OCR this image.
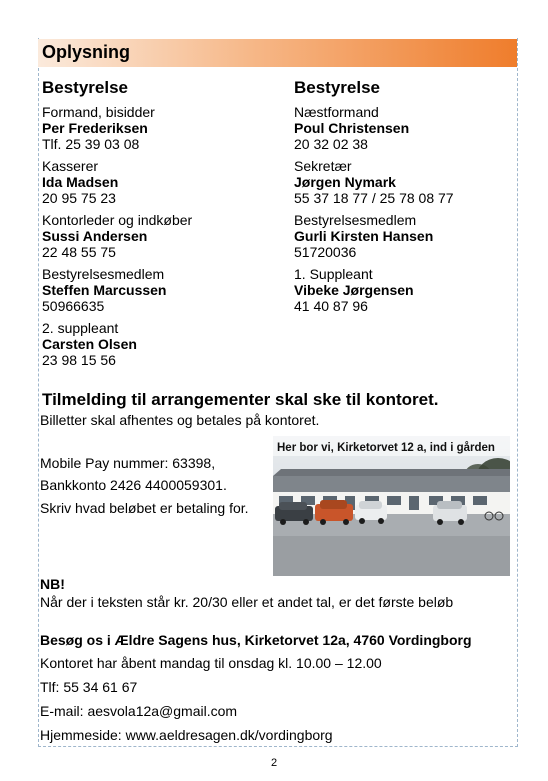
Oplysning
Bestyrelse
Formand, bisidder
Per Frederiksen
Tlf. 25 39 03 08
Kasserer
Ida Madsen
20 95 75 23
Kontorleder og indkøber
Sussi Andersen
22 48 55 75
Bestyrelsesmedlem
Steffen Marcussen
50966635
2. suppleant
Carsten Olsen
23 98 15 56
Bestyrelse
Næstformand
Poul Christensen
20 32 02 38
Sekretær
Jørgen Nymark
55 37 18 77 / 25 78 08 77
Bestyrelsesmedlem
Gurli Kirsten Hansen
51720036
1. Suppleant
Vibeke Jørgensen
41 40 87 96
Tilmelding til arrangementer skal ske til kontoret.
Billetter skal afhentes og betales på kontoret.
Mobile Pay nummer: 63398,
Bankkonto 2426 4400059301.
Skriv hvad beløbet er betaling for.
Her bor vi, Kirketorvet 12 a, ind i gården
NB!
Når der i teksten står kr. 20/30 eller et andet tal, er det første beløb
Besøg os i Ældre Sagens hus, Kirketorvet 12a, 4760 Vordingborg
Kontoret har åbent mandag til onsdag kl. 10.00 – 12.00
Tlf: 55 34 61 67
E-mail: aesvola12a@gmail.com
Hjemmeside: www.aeldresagen.dk/vordingborg
2
